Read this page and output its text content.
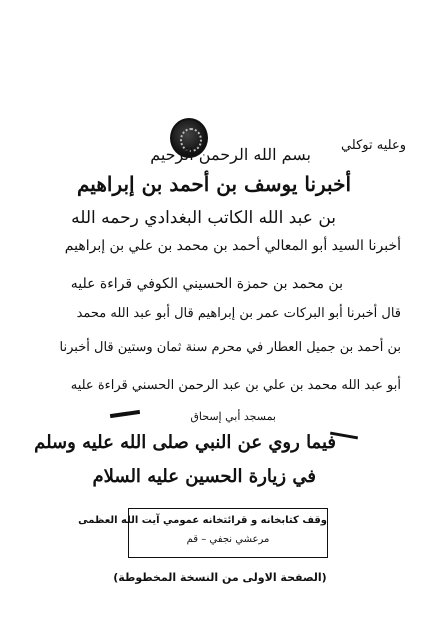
وعليه توكلي
بسم الله الرحمن الرحيم
أخبرنا يوسف بن أحمد بن إبراهيم
بن عبد الله الكاتب البغدادي رحمه الله
أخبرنا السيد أبو المعالي أحمد بن محمد بن علي بن إبراهيم
بن محمد بن حمزة الحسيني الكوفي قراءة عليه
قال أخبرنا أبو البركات عمر بن إبراهيم قال أبو عبد الله محمد
بن أحمد بن جميل العطار في محرم سنة ثمان وستين قال أخبرنا
أبو عبد الله محمد بن علي بن عبد الرحمن الحسني قراءة عليه
بمسجد أبي إسحاق
فيما روي عن النبي صلى الله عليه وسلم
في زيارة الحسين عليه السلام
وقف كتابخانه و قرائتخانه عمومي آيت الله العظمى
مرعشي نجفي – قم
(الصفحة الاولى من النسخة المخطوطة)
